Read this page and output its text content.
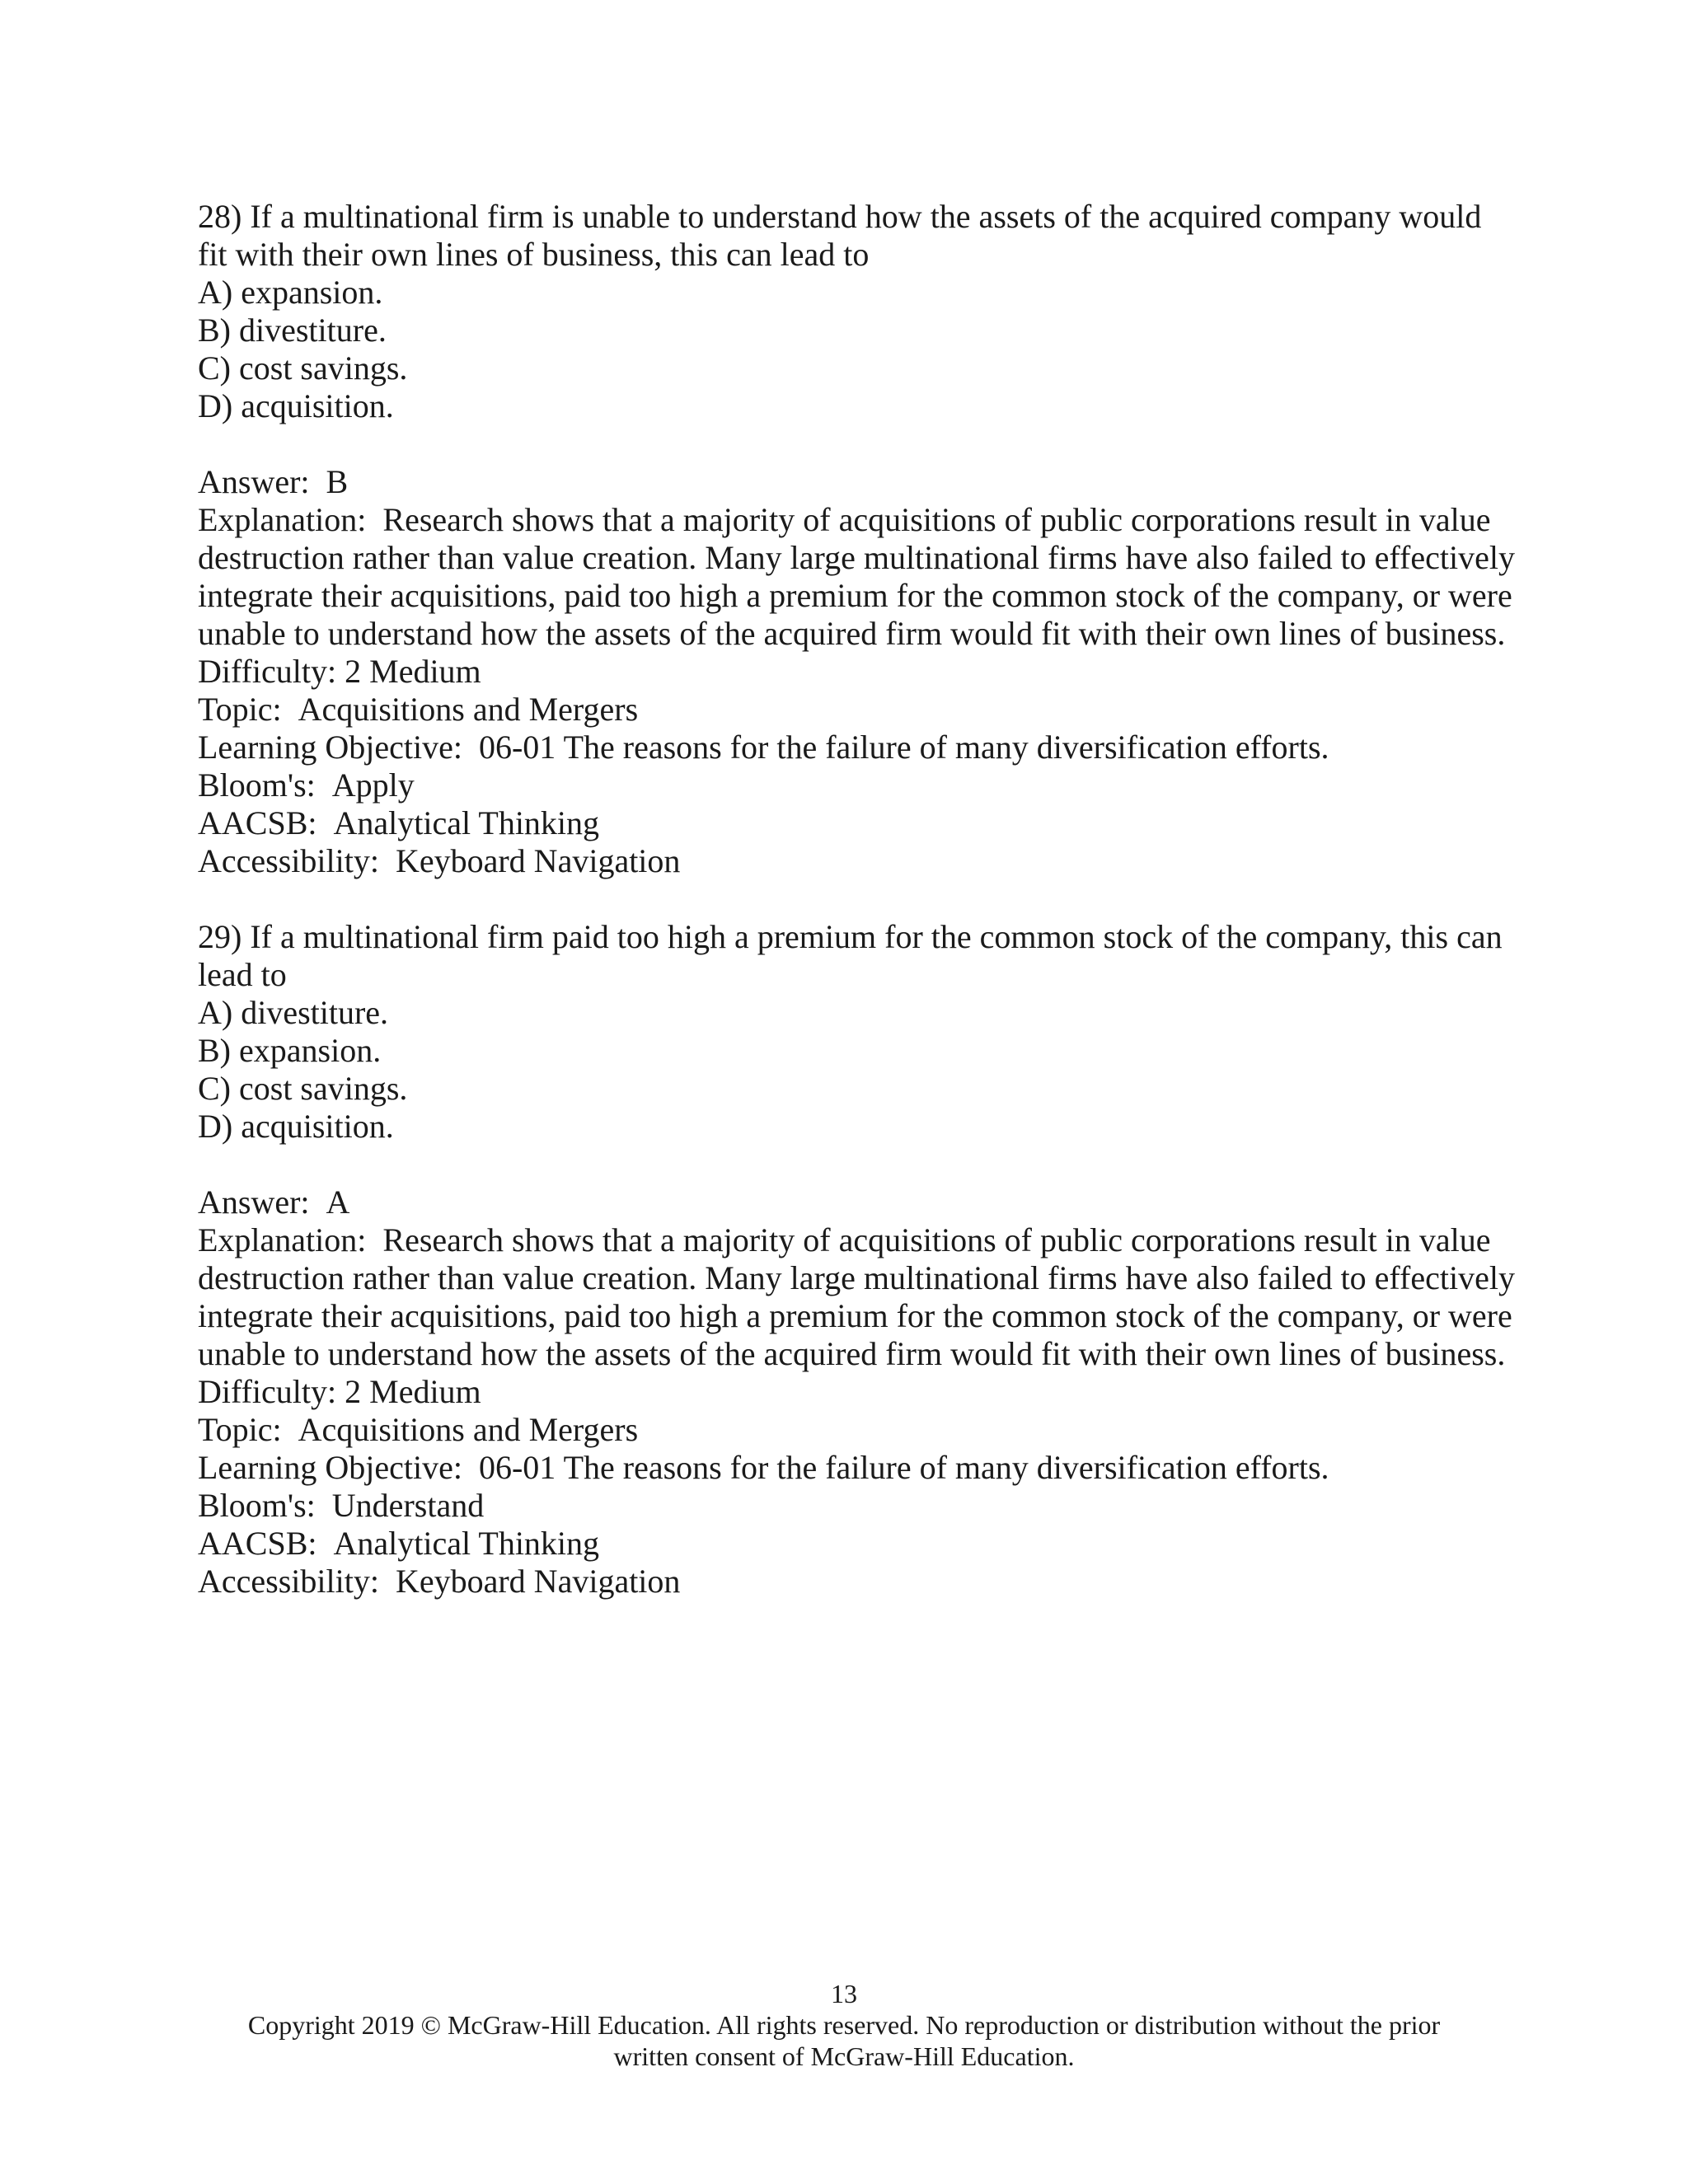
28) If a multinational firm is unable to understand how the assets of the acquired company would fit with their own lines of business, this can lead to

A) expansion.
B) divestiture.
C) cost savings.
D) acquisition.

Answer: B

Explanation: Research shows that a majority of acquisitions of public corporations result in value destruction rather than value creation. Many large multinational firms have also failed to effectively integrate their acquisitions, paid too high a premium for the common stock of the company, or were unable to understand how the assets of the acquired firm would fit with their own lines of business.

Difficulty: 2 Medium

Topic: Acquisitions and Mergers

Learning Objective: 06-01 The reasons for the failure of many diversification efforts.

Bloom's: Apply

AACSB: Analytical Thinking

Accessibility: Keyboard Navigation

29) If a multinational firm paid too high a premium for the common stock of the company, this can lead to

A) divestiture.
B) expansion.
C) cost savings.
D) acquisition.

Answer: A

Explanation: Research shows that a majority of acquisitions of public corporations result in value destruction rather than value creation. Many large multinational firms have also failed to effectively integrate their acquisitions, paid too high a premium for the common stock of the company, or were unable to understand how the assets of the acquired firm would fit with their own lines of business.

Difficulty: 2 Medium

Topic: Acquisitions and Mergers

Learning Objective: 06-01 The reasons for the failure of many diversification efforts.

Bloom's: Understand

AACSB: Analytical Thinking

Accessibility: Keyboard Navigation

13
Copyright 2019 © McGraw-Hill Education. All rights reserved. No reproduction or distribution without the prior
written consent of McGraw-Hill Education.
